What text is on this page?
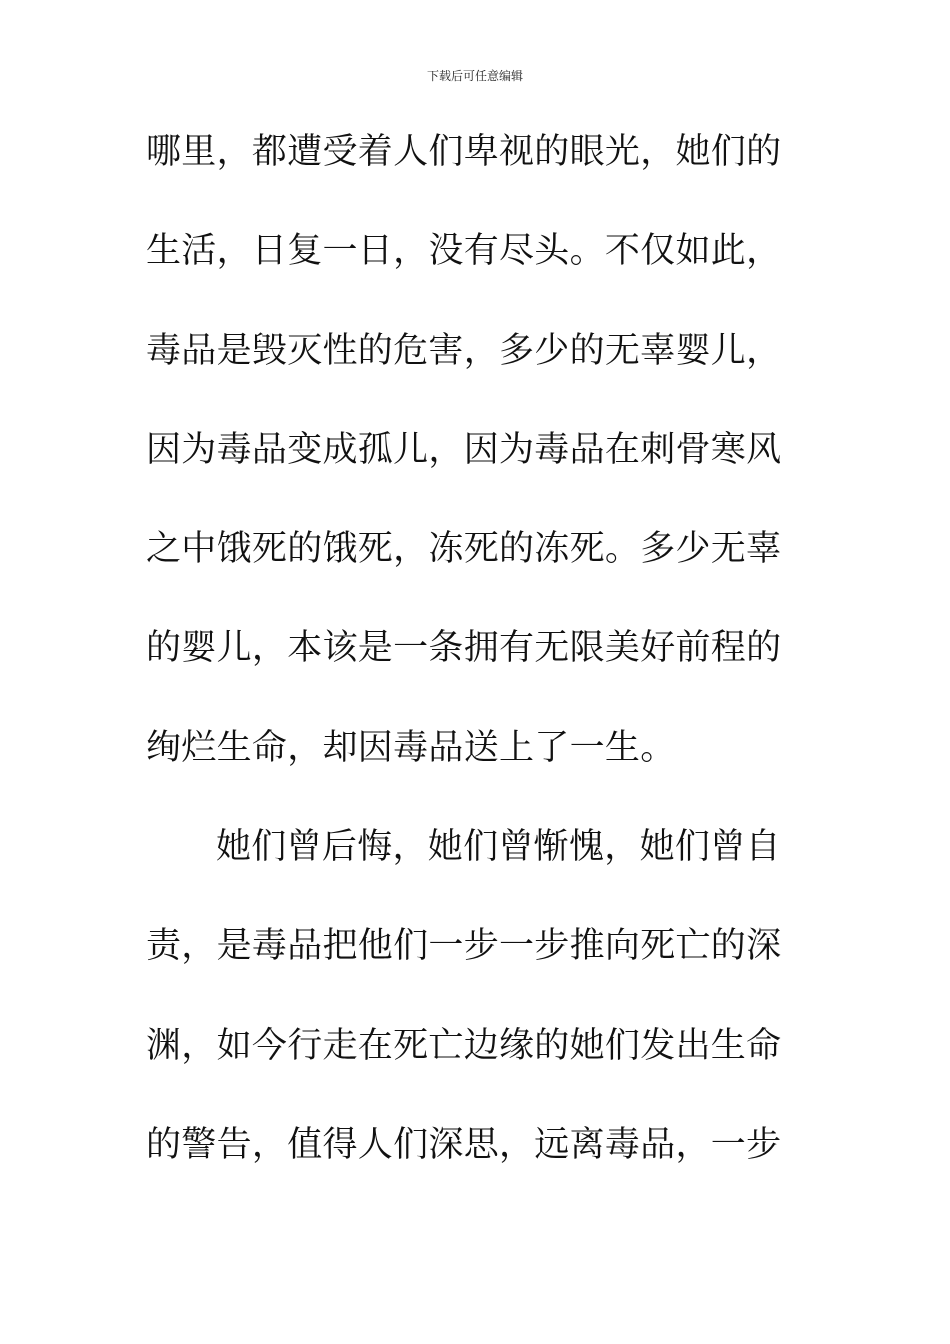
下载后可任意编辑
哪里，都遭受着人们卑视的眼光，她们的
生活，日复一日，没有尽头。不仅如此，
毒品是毁灭性的危害，多少的无辜婴儿，
因为毒品变成孤儿，因为毒品在刺骨寒风
之中饿死的饿死，冻死的冻死。多少无辜
的婴儿，本该是一条拥有无限美好前程的
绚烂生命，却因毒品送上了一生。
她们曾后悔，她们曾惭愧，她们曾自
责，是毒品把他们一步一步推向死亡的深
渊，如今行走在死亡边缘的她们发出生命
的警告，值得人们深思，远离毒品，一步
